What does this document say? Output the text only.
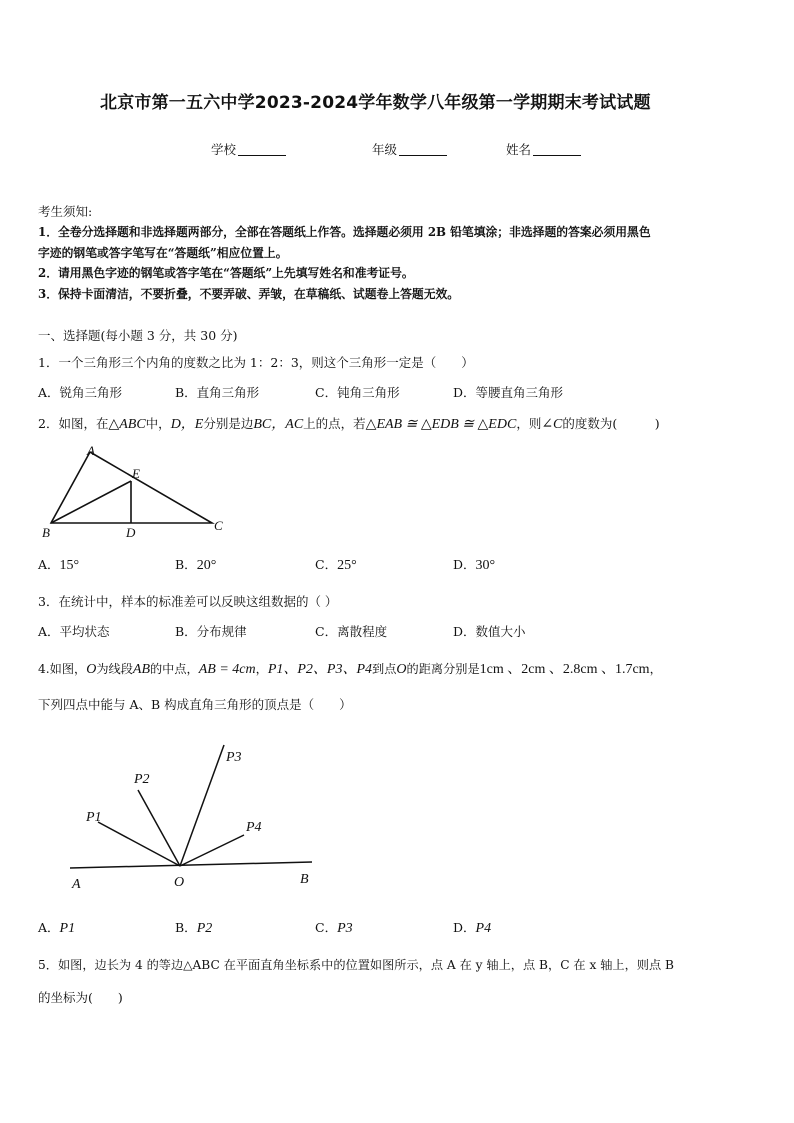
北京市第一五六中学2023-2024学年数学八年级第一学期期末考试试题
学校	年级	姓名
考生须知:
1．全卷分选择题和非选择题两部分，全部在答题纸上作答。选择题必须用 2B 铅笔填涂；非选择题的答案必须用黑色
字迹的钢笔或答字笔写在“答题纸”相应位置上。
2．请用黑色字迹的钢笔或答字笔在“答题纸”上先填写姓名和准考证号。
3．保持卡面清洁，不要折叠，不要弄破、弄皱，在草稿纸、试题卷上答题无效。
一、选择题(每小题 3 分，共 30 分)
1．一个三角形三个内角的度数之比为 1：2：3，则这个三角形一定是（　　）
A．锐角三角形	B．直角三角形	C．钝角三角形	D．等腰直角三角形
2．如图，在△ABC中，D，E分别是边BC，AC上的点，若△EAB ≅ △EDB ≅ △EDC，则∠C的度数为(　　　)
A
E
B	D	C
A．15°	B．20°	C．25°	D．30°
3．在统计中，样本的标准差可以反映这组数据的（ ）
A．平均状态	B．分布规律	C．离散程度	D．数值大小
4.如图，O为线段AB的中点，AB = 4cm，P1、P2、P3、P4到点O的距离分别是1cm 、2cm 、2.8cm 、1.7cm，
下列四点中能与 A、B 构成直角三角形的顶点是（　　）
A	O	B
P1
P2
P3
P4
A．P1	B．P2	C．P3	D．P4
5．如图，边长为 4 的等边△ABC 在平面直角坐标系中的位置如图所示，点 A 在 y 轴上，点 B，C 在 x 轴上，则点 B
的坐标为(　　)
